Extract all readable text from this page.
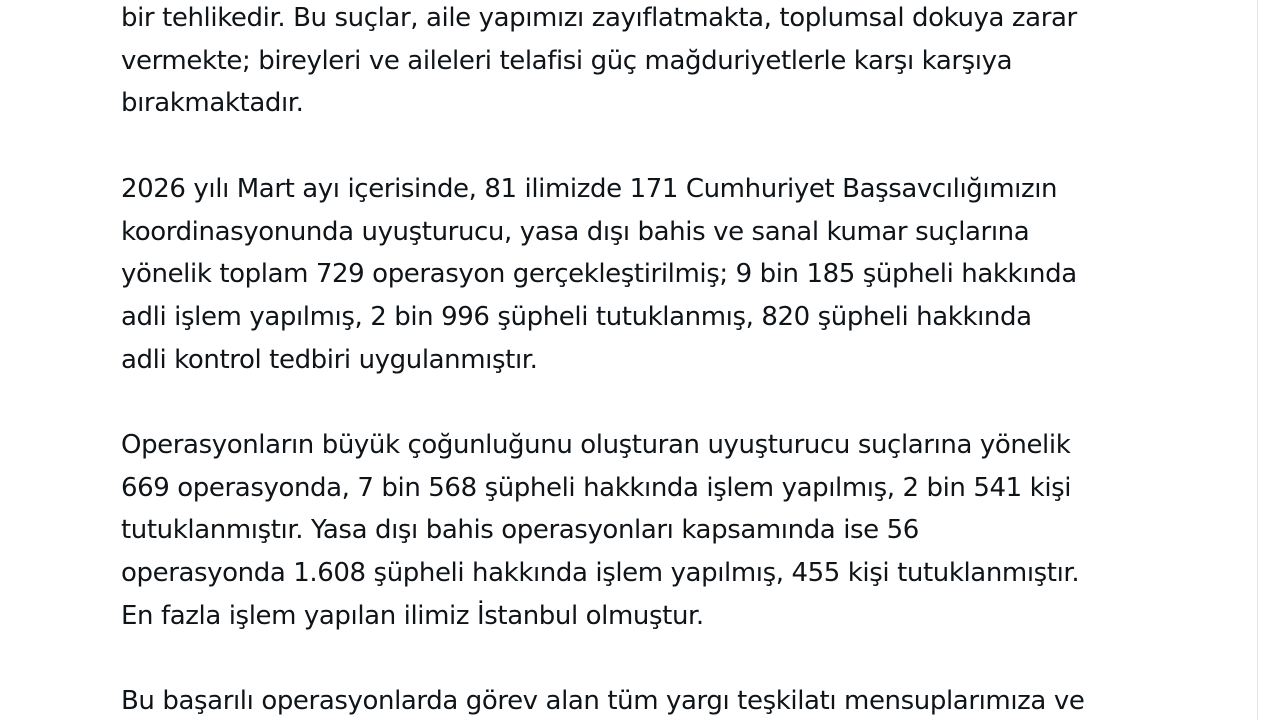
bir tehlikedir. Bu suçlar, aile yapımızı zayıflatmakta, toplumsal dokuya zarar
vermekte; bireyleri ve aileleri telafisi güç mağduriyetlerle karşı karşıya
bırakmaktadır.

2026 yılı Mart ayı içerisinde, 81 ilimizde 171 Cumhuriyet Başsavcılığımızın
koordinasyonunda uyuşturucu, yasa dışı bahis ve sanal kumar suçlarına
yönelik toplam 729 operasyon gerçekleştirilmiş; 9 bin 185 şüpheli hakkında
adli işlem yapılmış, 2 bin 996 şüpheli tutuklanmış, 820 şüpheli hakkında
adli kontrol tedbiri uygulanmıştır.

Operasyonların büyük çoğunluğunu oluşturan uyuşturucu suçlarına yönelik
669 operasyonda, 7 bin 568 şüpheli hakkında işlem yapılmış, 2 bin 541 kişi
tutuklanmıştır. Yasa dışı bahis operasyonları kapsamında ise 56
operasyonda 1.608 şüpheli hakkında işlem yapılmış, 455 kişi tutuklanmıştır.
En fazla işlem yapılan ilimiz İstanbul olmuştur.

Bu başarılı operasyonlarda görev alan tüm yargı teşkilatı mensuplarımıza ve
